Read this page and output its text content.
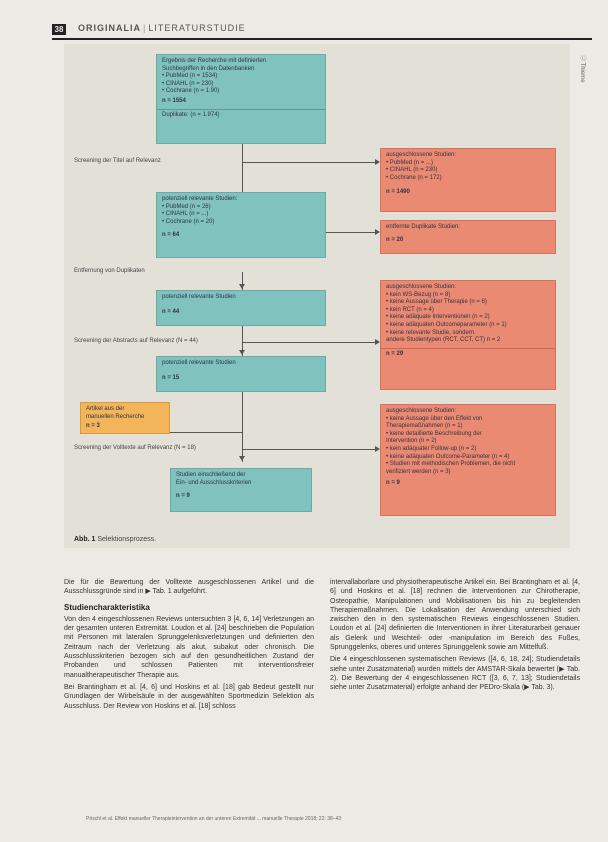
38 ORIGINALIA | LITERATURSTUDIE
Ⓒ Thieme
Ergebnis der Recherche mit definierten
Suchbegriffen in den Datenbanken
• PubMed (n = 1534)
• CINAHL (n = 230)
• Cochrane (n = 1.90)
n = 1554
Duplikate: (n = 1.974)
Screening der Titel auf Relevanz
ausgeschlossene Studien:
• PubMed (n = ...)
• CINAHL (n = 230)
• Cochrane (n = 172)
n = 1490
potenziell relevante Studien:
• PubMed (n = 26)
• CINAHL (n = ...)
• Cochrane (n = 20)
n = 64
entfernte Duplikate Studien:
n = 20
Entfernung von Duplikaten
potenziell relevante Studien
n = 44
Screening der Abstracts auf Relevanz (N = 44)
ausgeschlossene Studien:
• kein WS-Bezug (n = 8)
• keine Aussage über Therapie (n = 6)
• kein RCT (n = 4)
• keine adäquate Interventionen (n = 2)
• keine adäquaten Outcomeparameter (n = 1)
• keine relevante Studie, sondern
andere Studientypen (RCT, CCT, CT) n = 2
n = 29
potenziell relevante Studien
n = 15
Artikel aus der
manuellen Recherche
n = 3
Screening der Volltexte auf Relevanz (N = 18)
ausgeschlossene Studien:
• keine Aussage über den Effekt von
Therapiemaßnahmen (n = 1)
• keine detaillierte Beschreibung der
Intervention (n = 2)
• kein adäquater Follow-up (n = 2)
• keine adäquaten Outcome-Parameter (n = 4)
• Studien mit methodischen Problemen, die nicht
verifiziert werden (n = 3)
n = 9
Studien einschließend der
Ein- und Ausschlusskriterien
n = 9
Abb. 1 Selektionsprozess.

Die für die Bewertung der Volltexte ausgeschlossenen Artikel und die Ausschlussgründe sind in ▶ Tab. 1 aufgeführt.

Studiencharakteristika

Von den 4 eingeschlossenen Reviews untersuchten 3 [4, 6, 14] Verletzungen an der gesamten unteren Extremität. Loudon et al. [24] beschrieben die Population mit Personen mit lateralen Sprunggelenksverletzungen und definierten den Zeitraum nach der Verletzung als akut, subakut oder chronisch. Die Ausschlusskriterien bezogen sich auf den gesundheitlichen Zustand der Probanden und schlossen Patienten mit interventionsfreier manualtherapeutischer Therapie aus.

Bei Brantingham et al. [4, 6] und Hoskins et al. [18] gab Bedeut gestellt nur Grundlagen der Wirbelsäule in der ausgewählten Sportmedizin Selektion als Ausschluss. Der Review von Hoskins et al. [18] schloss

intervallaborlare und physiotherapeutische Artikel ein. Bei Brantingham et al. [4, 6] und Hoskins et al. [18] rechnen die Interventionen zur Chirotherapie, Osteopathie, Manipulationen und Mobilisationen bis hin zu begleitenden Therapiemaßnahmen. Die Lokalisation der Anwendung unterschied sich zwischen den in den systematischen Reviews eingeschlossenen Studien. Loudon et al. [24] definierten die Interventionen in ihrer Literaturarbeit genauer als Gelenk und Weichteil- oder -manipulation im Bereich des Fußes, Sprunggelenks, oberes und unteres Sprunggelenk sowie am Mittelfuß.

Die 4 eingeschlossenen systematischen Reviews ([4, 6, 18, 24]; Studiendetails siehe unter Zusatzmaterial) wurden mittels der AMSTAR-Skala bewertet (▶ Tab. 2). Die Bewertung der 4 eingeschlossenen RCT ([3, 6, 7, 13]; Studiendetails siehe unter Zusatzmaterial) erfolgte anhand der PEDro-Skala (▶ Tab. 3).

Pöschl et al. Effekt manueller Therapieintervention an der unteren Extremität ... manuelle Therapie 2018; 22: 38–43
